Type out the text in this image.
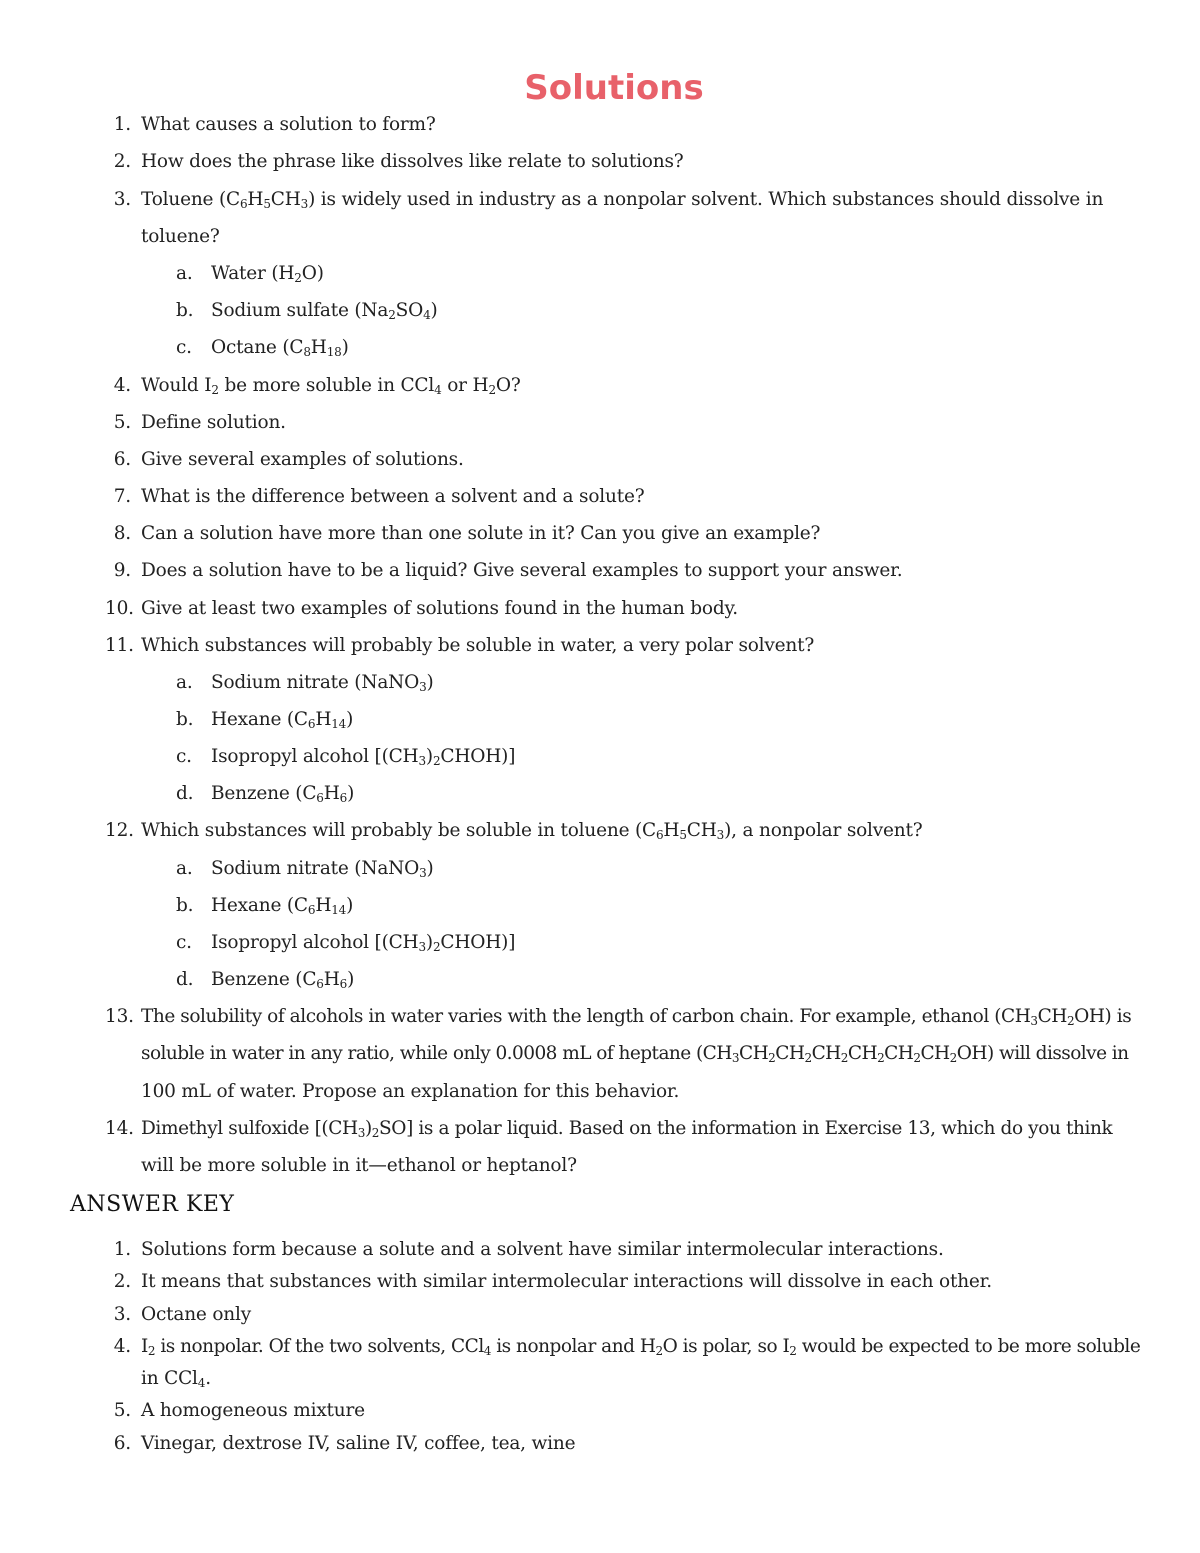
Solutions
1. What causes a solution to form?
2. How does the phrase like dissolves like relate to solutions?
3. Toluene $(C_6H_5CH_3)$ is widely used in industry as a nonpolar solvent. Which substances should dissolve in
toluene?
a. Water $(H_2O)$
b. Sodium sulfate $(Na_2SO_4)$
c. Octane $(C_8H_{18})$
4. Would $I_2$ be more soluble in CCl$_4$ or $H_2O$?
5. Define solution.
6. Give several examples of solutions.
7. What is the difference between a solvent and a solute?
8. Can a solution have more than one solute in it? Can you give an example?
9. Does a solution have to be a liquid? Give several examples to support your answer.
10. Give at least two examples of solutions found in the human body.
11. Which substances will probably be soluble in water, a very polar solvent?
a. Sodium nitrate (NaNO$_3$)
b. Hexane $(C_6H_{14})$
c. Isopropyl alcohol $[(CH_3)_2CHOH)$]
d. Benzene $(C_6H_6)$
12. Which substances will probably be soluble in toluene $(C_6H_5CH_3)$, a nonpolar solvent?
a. Sodium nitrate (NaNO$_3$)
b. Hexane $(C_6H_{14})$
c. Isopropyl alcohol $[(CH_3)_2CHOH)$]
d. Benzene $(C_6H_6)$
13. The solubility of alcohols in water varies with the length of carbon chain. For example, ethanol $(CH_3CH_2OH)$ is
soluble in water in any ratio, while only 0.0008 mL of heptane $(CH_3CH_2CH_2CH_2CH_2CH_2CH_2OH)$ will dissolve in
100 mL of water. Propose an explanation for this behavior.
14. Dimethyl sulfoxide $[(CH_3)_2SO]$ is a polar liquid. Based on the information in Exercise 13, which do you think
will be more soluble in it—ethanol or heptanol?
ANSWER KEY
1. Solutions form because a solute and a solvent have similar intermolecular interactions.
2. It means that substances with similar intermolecular interactions will dissolve in each other.
3. Octane only
4. $I_2$ is nonpolar. Of the two solvents, CCl$_4$ is nonpolar and $H_2O$ is polar, so $I_2$ would be expected to be more soluble
in CCl$_4$.
5. A homogeneous mixture
6. Vinegar, dextrose IV, saline IV, coffee, tea, wine
